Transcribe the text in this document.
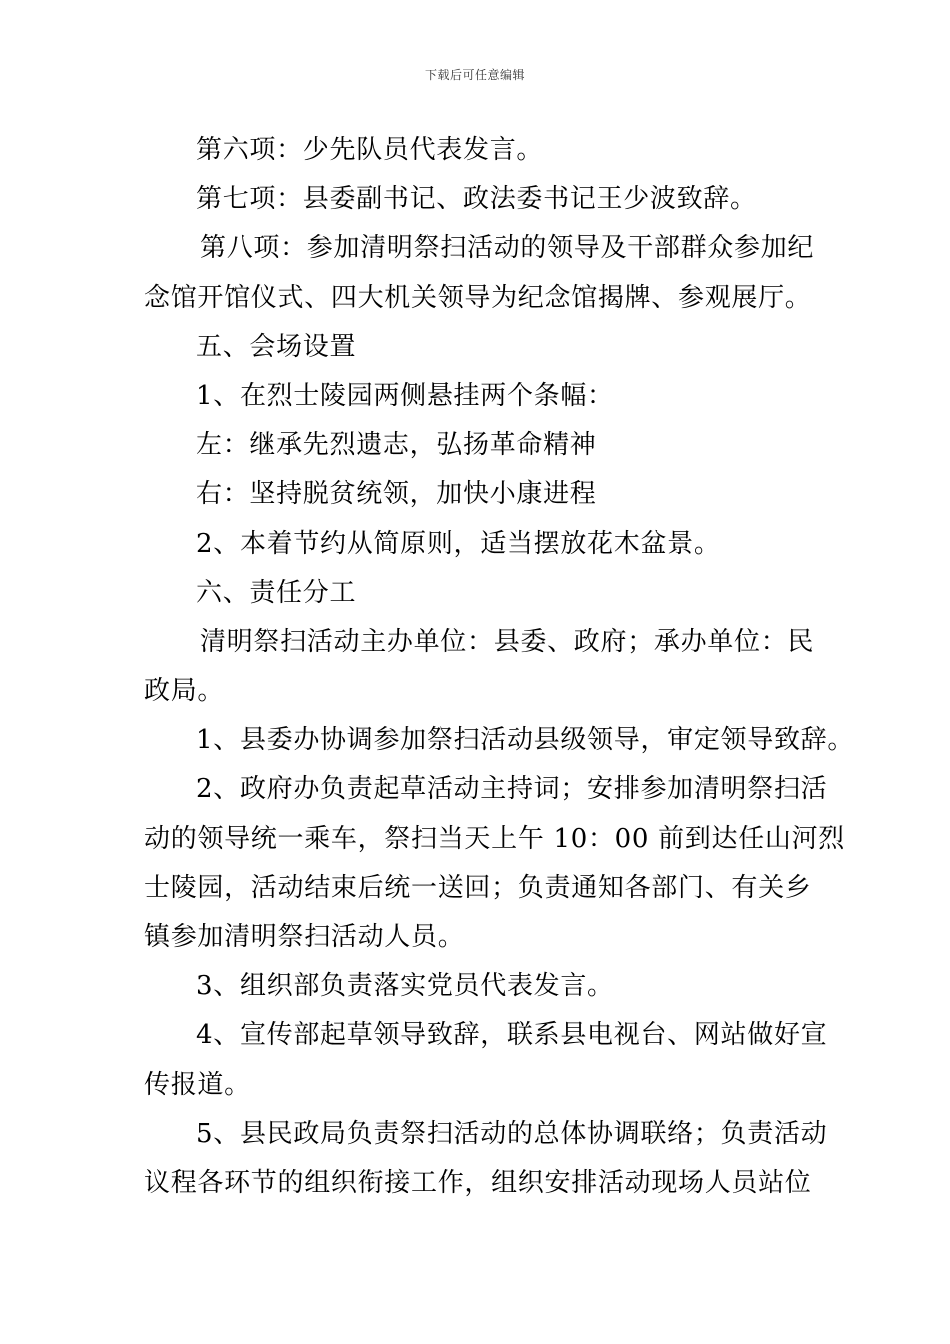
下载后可任意编辑
第六项：少先队员代表发言。
第七项：县委副书记、政法委书记王少波致辞。
第八项：参加清明祭扫活动的领导及干部群众参加纪
念馆开馆仪式、四大机关领导为纪念馆揭牌、参观展厅。
五、会场设置
1、在烈士陵园两侧悬挂两个条幅：
左：继承先烈遗志，弘扬革命精神
右：坚持脱贫统领，加快小康进程
2、本着节约从简原则，适当摆放花木盆景。
六、责任分工
清明祭扫活动主办单位：县委、政府；承办单位：民
政局。
1、县委办协调参加祭扫活动县级领导，审定领导致辞。
2、政府办负责起草活动主持词；安排参加清明祭扫活
动的领导统一乘车，祭扫当天上午 10：00 前到达任山河烈
士陵园，活动结束后统一送回；负责通知各部门、有关乡
镇参加清明祭扫活动人员。
3、组织部负责落实党员代表发言。
4、宣传部起草领导致辞，联系县电视台、网站做好宣
传报道。
5、县民政局负责祭扫活动的总体协调联络；负责活动
议程各环节的组织衔接工作，组织安排活动现场人员站位
